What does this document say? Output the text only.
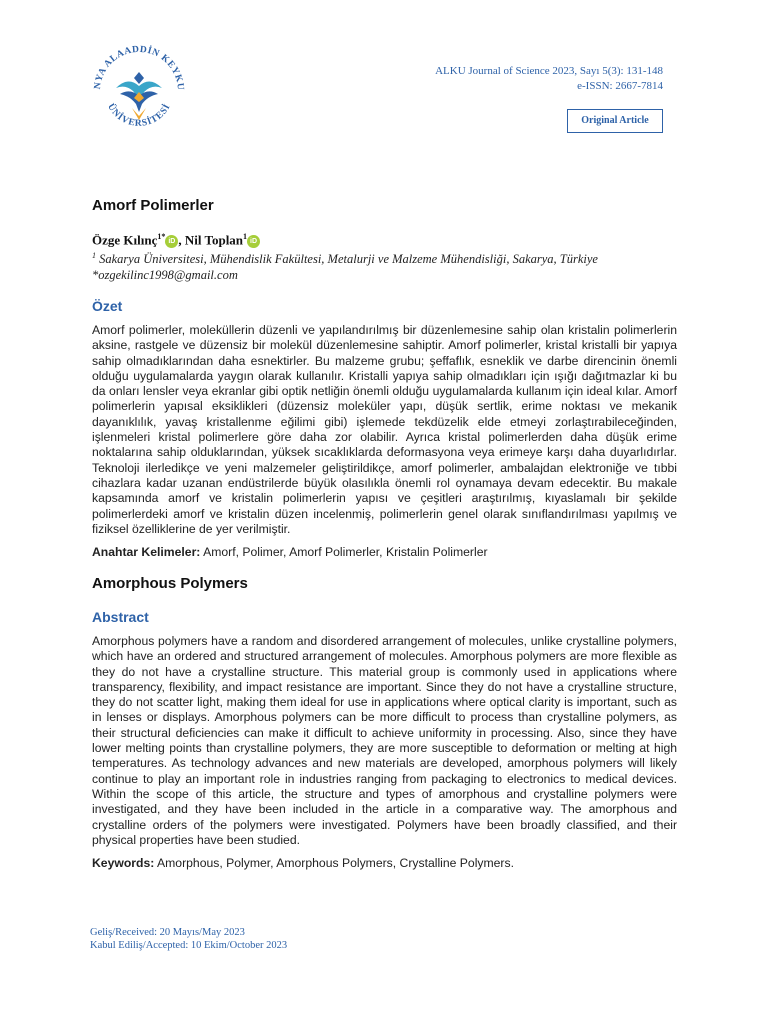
NYA ALAADDİN KEYKU
ÜNİVERSİTESİ
ALKU Journal of Science 2023, Sayı 5(3): 131-148
e-ISSN: 2667-7814
Original Article
Amorf Polimerler
Özge Kılınç$^{1*}$iD , Nil Toplan$^1$iD
$^1$ Sakarya Üniversitesi, Mühendislik Fakültesi, Metalurji ve Malzeme Mühendisliği, Sakarya, Türkiye
*ozgekilinc1998@gmail.com
Özet
Amorf polimerler, moleküllerin düzenli ve yapılandırılmış bir düzenlemesine sahip olan kristalin polimerlerin aksine, rastgele ve düzensiz bir molekül düzenlemesine sahiptir. Amorf polimerler, kristal kristalli bir yapıya sahip olmadıklarından daha esnektirler. Bu malzeme grubu; şeffaflık, esneklik ve darbe direncinin önemli olduğu uygulamalarda yaygın olarak kullanılır. Kristalli yapıya sahip olmadıkları için ışığı dağıtmazlar ki bu da onları lensler veya ekranlar gibi optik netliğin önemli olduğu uygulamalarda kullanım için ideal kılar. Amorf polimerlerin yapısal eksiklikleri (düzensiz moleküler yapı, düşük sertlik, erime noktası ve mekanik dayanıklılık, yavaş kristallenme eğilimi gibi) işlemede tekdüzelik elde etmeyi zorlaştırabileceğinden, işlenmeleri kristal polimerlere göre daha zor olabilir. Ayrıca kristal polimerlerden daha düşük erime noktalarına sahip olduklarından, yüksek sıcaklıklarda deformasyona veya erimeye karşı daha duyarlıdırlar. Teknoloji ilerledikçe ve yeni malzemeler geliştirildikçe, amorf polimerler, ambalajdan elektroniğe ve tıbbi cihazlara kadar uzanan endüstrilerde büyük olasılıkla önemli rol oynamaya devam edecektir. Bu makale kapsamında amorf ve kristalin polimerlerin yapısı ve çeşitleri araştırılmış, kıyaslamalı bir şekilde polimerlerdeki amorf ve kristalin düzen incelenmiş, polimerlerin genel olarak sınıflandırılması yapılmış ve fiziksel özelliklerine de yer verilmiştir.
Anahtar Kelimeler: Amorf, Polimer, Amorf Polimerler, Kristalin Polimerler
Amorphous Polymers
Abstract
Amorphous polymers have a random and disordered arrangement of molecules, unlike crystalline polymers, which have an ordered and structured arrangement of molecules. Amorphous polymers are more flexible as they do not have a crystalline structure. This material group is commonly used in applications where transparency, flexibility, and impact resistance are important. Since they do not have a crystalline structure, they do not scatter light, making them ideal for use in applications where optical clarity is important, such as in lenses or displays. Amorphous polymers can be more difficult to process than crystalline polymers, as their structural deficiencies can make it difficult to achieve uniformity in processing. Also, since they have lower melting points than crystalline polymers, they are more susceptible to deformation or melting at high temperatures. As technology advances and new materials are developed, amorphous polymers will likely continue to play an important role in industries ranging from packaging to electronics to medical devices. Within the scope of this article, the structure and types of amorphous and crystalline polymers were investigated, and they have been included in the article in a comparative way. The amorphous and crystalline orders of the polymers were investigated. Polymers have been broadly classified, and their physical properties have been studied.
Keywords: Amorphous, Polymer, Amorphous Polymers, Crystalline Polymers.
Geliş/Received: 20 Mayıs/May 2023
Kabul Ediliş/Accepted: 10 Ekim/October 2023
